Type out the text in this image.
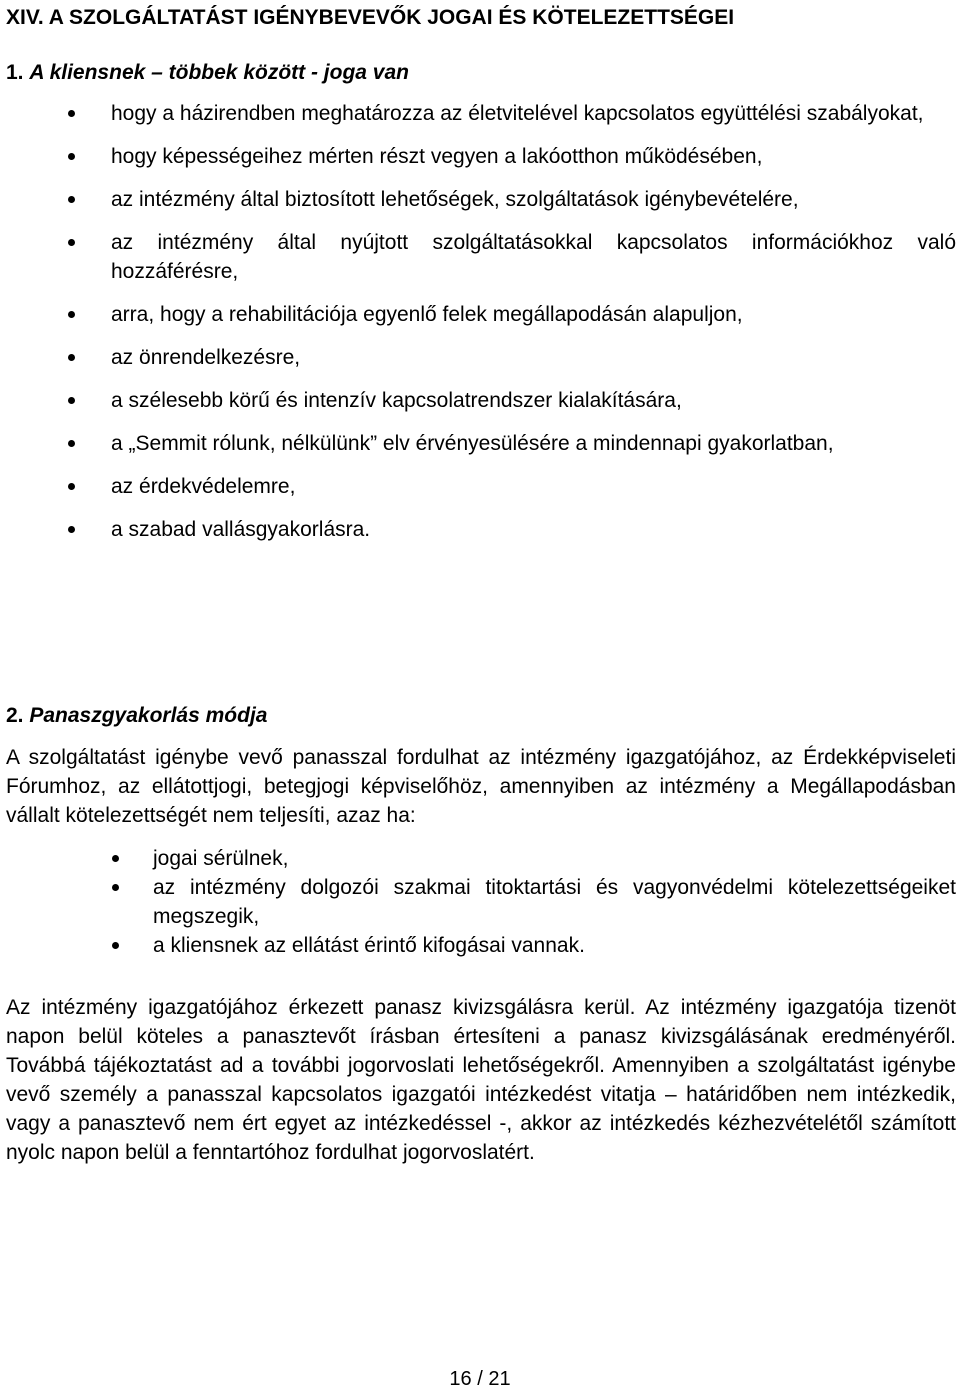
XIV. A SZOLGÁLTATÁST IGÉNYBEVEVŐK JOGAI ÉS KÖTELEZETTSÉGEI
1. A kliensnek – többek között - joga van
hogy a házirendben meghatározza az életvitelével kapcsolatos együttélési szabályokat,
hogy képességeihez mérten részt vegyen a lakóotthon működésében,
az intézmény által biztosított lehetőségek, szolgáltatások igénybevételére,
az intézmény által nyújtott szolgáltatásokkal kapcsolatos információkhoz való hozzáférésre,
arra, hogy a rehabilitációja egyenlő felek megállapodásán alapuljon,
az önrendelkezésre,
a szélesebb körű és intenzív kapcsolatrendszer kialakítására,
a „Semmit rólunk, nélkülünk” elv érvényesülésére a mindennapi gyakorlatban,
az érdekvédelemre,
a szabad vallásgyakorlásra.
2. Panaszgyakorlás módja

A szolgáltatást igénybe vevő panasszal fordulhat az intézmény igazgatójához, az Érdekképviseleti Fórumhoz, az ellátottjogi, betegjogi képviselőhöz, amennyiben az intézmény a Megállapodásban vállalt kötelezettségét nem teljesíti, azaz ha:

jogai sérülnek,
az intézmény dolgozói szakmai titoktartási és vagyonvédelmi kötelezettségeiket megszegik,
a kliensnek az ellátást érintő kifogásai vannak.

Az intézmény igazgatójához érkezett panasz kivizsgálásra kerül. Az intézmény igazgatója tizenöt napon belül köteles a panasztevőt írásban értesíteni a panasz kivizsgálásának eredményéről. Továbbá tájékoztatást ad a további jogorvoslati lehetőségekről. Amennyiben a szolgáltatást igénybe vevő személy a panasszal kapcsolatos igazgatói intézkedést vitatja – határidőben nem intézkedik, vagy a panasztevő nem ért egyet az intézkedéssel -, akkor az intézkedés kézhezvételétől számított nyolc napon belül a fenntartóhoz fordulhat jogorvoslatért.

16 / 21
